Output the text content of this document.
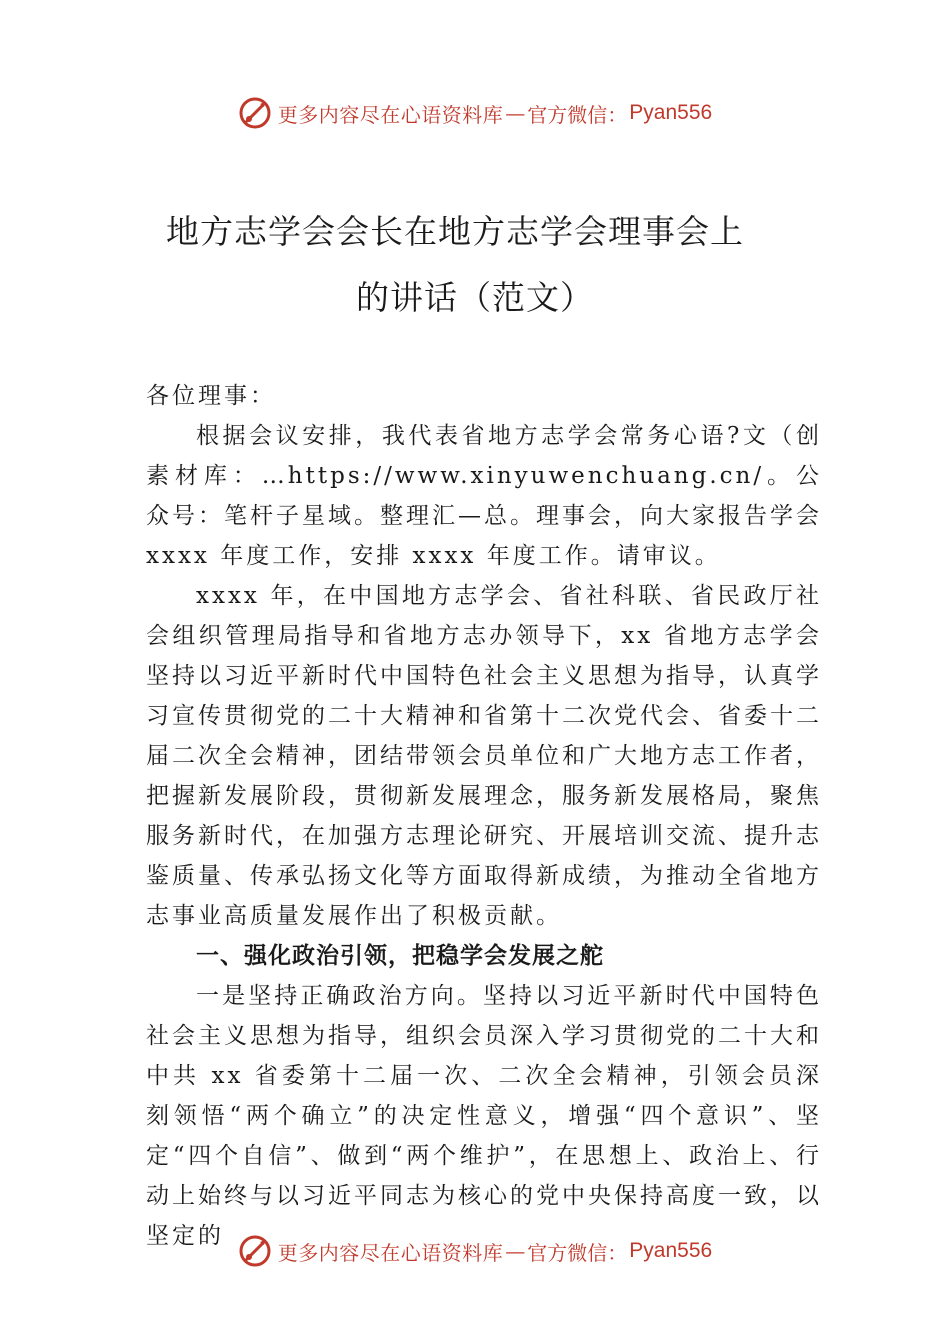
更多内容尽在心语资料库 — 官方微信： Pyan556
地方志学会会长在地方志学会理事会上
的讲话（范文）

各位理事：

根据会议安排，我代表省地方志学会常务心语?文（创素材库：…https://www.xinyuwenchuang.cn/。公众号：笔杆子星域。整理汇—总。理事会，向大家报告学会 xxxx 年度工作，安排 xxxx 年度工作。请审议。

xxxx 年，在中国地方志学会、省社科联、省民政厅社会组织管理局指导和省地方志办领导下，xx 省地方志学会坚持以习近平新时代中国特色社会主义思想为指导，认真学习宣传贯彻党的二十大精神和省第十二次党代会、省委十二届二次全会精神，团结带领会员单位和广大地方志工作者，把握新发展阶段，贯彻新发展理念，服务新发展格局，聚焦服务新时代，在加强方志理论研究、开展培训交流、提升志鉴质量、传承弘扬文化等方面取得新成绩，为推动全省地方志事业高质量发展作出了积极贡献。

一、强化政治引领，把稳学会发展之舵

一是坚持正确政治方向。坚持以习近平新时代中国特色社会主义思想为指导，组织会员深入学习贯彻党的二十大和中共 xx 省委第十二届一次、二次全会精神，引领会员深刻领悟“两个确立”的决定性意义，增强“四个意识”、坚定“四个自信”、做到“两个维护”，在思想上、政治上、行动上始终与以习近平同志为核心的党中央保持高度一致，以坚定的

更多内容尽在心语资料库 — 官方微信： Pyan556
